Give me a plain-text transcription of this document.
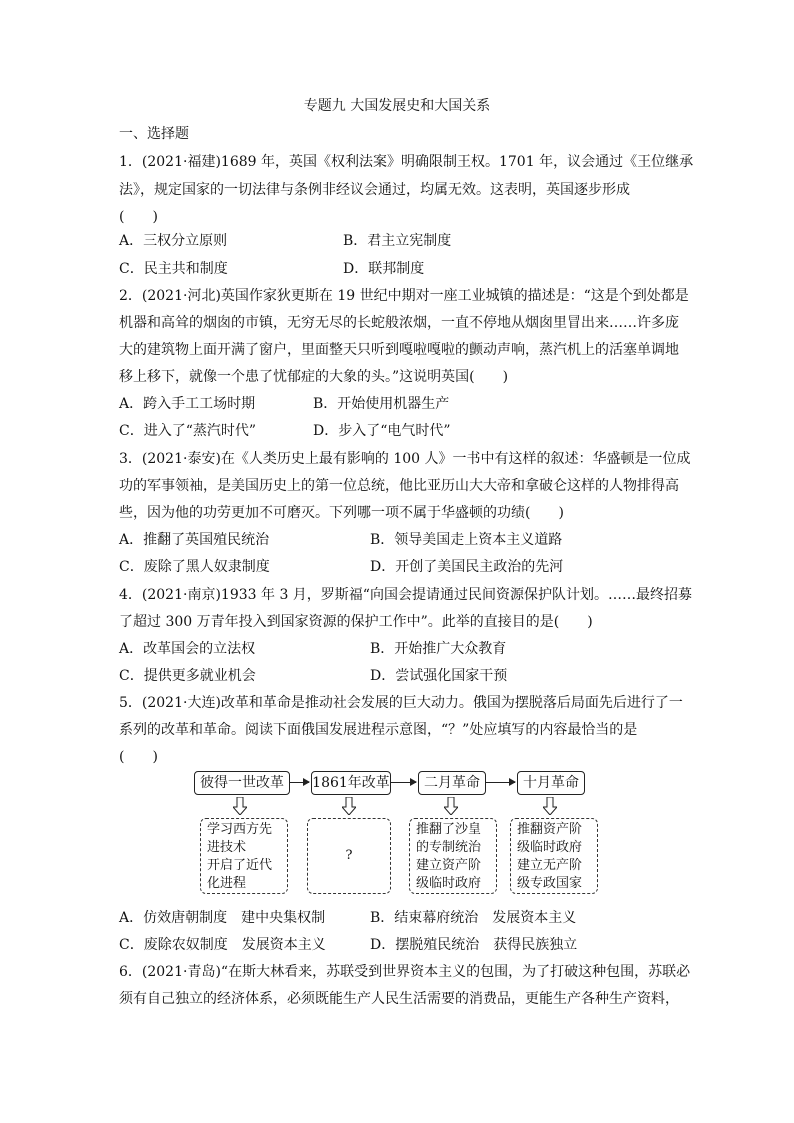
专题九 大国发展史和大国关系
一、选择题
1．(2021·福建)1689 年，英国《权利法案》明确限制王权。1701 年，议会通过《王位继承
法》，规定国家的一切法律与条例非经议会通过，均属无效。这表明，英国逐步形成
(　　)
A．三权分立原则	B．君主立宪制度
C．民主共和制度	D．联邦制度
2．(2021·河北)英国作家狄更斯在 19 世纪中期对一座工业城镇的描述是：“这是个到处都是
机器和高耸的烟囱的市镇，无穷无尽的长蛇般浓烟，一直不停地从烟囱里冒出来……许多庞
大的建筑物上面开满了窗户，里面整天只听到嘎啦嘎啦的颤动声响，蒸汽机上的活塞单调地
移上移下，就像一个患了忧郁症的大象的头。”这说明英国(　　)
A．跨入手工工场时期	B．开始使用机器生产
C．进入了“蒸汽时代”	D．步入了“电气时代”
3．(2021·泰安)在《人类历史上最有影响的 100 人》一书中有这样的叙述：华盛顿是一位成
功的军事领袖，是美国历史上的第一位总统，他比亚历山大大帝和拿破仑这样的人物排得高
些，因为他的功劳更加不可磨灭。下列哪一项不属于华盛顿的功绩(　　)
A．推翻了英国殖民统治	B．领导美国走上资本主义道路
C．废除了黑人奴隶制度	D．开创了美国民主政治的先河
4．(2021·南京)1933 年 3 月，罗斯福“向国会提请通过民间资源保护队计划。……最终招募
了超过 300 万青年投入到国家资源的保护工作中”。此举的直接目的是(　　)
A．改革国会的立法权	B．开始推广大众教育
C．提供更多就业机会	D．尝试强化国家干预
5．(2021·大连)改革和革命是推动社会发展的巨大动力。俄国为摆脱落后局面先后进行了一
系列的改革和革命。阅读下面俄国发展进程示意图，“？”处应填写的内容最恰当的是
(　　)
彼得一世改革	1861年改革	二月革命	十月革命
学习西方先
进技术
开启了近代
化进程
?
推翻了沙皇
的专制统治
建立资产阶
级临时政府
推翻资产阶
级临时政府
建立无产阶
级专政国家
A．仿效唐朝制度　建中央集权制	B．结束幕府统治　发展资本主义
C．废除农奴制度　发展资本主义	D．摆脱殖民统治　获得民族独立
6．(2021·青岛)“在斯大林看来，苏联受到世界资本主义的包围，为了打破这种包围，苏联必
须有自己独立的经济体系，必须既能生产人民生活需要的消费品，更能生产各种生产资料，
